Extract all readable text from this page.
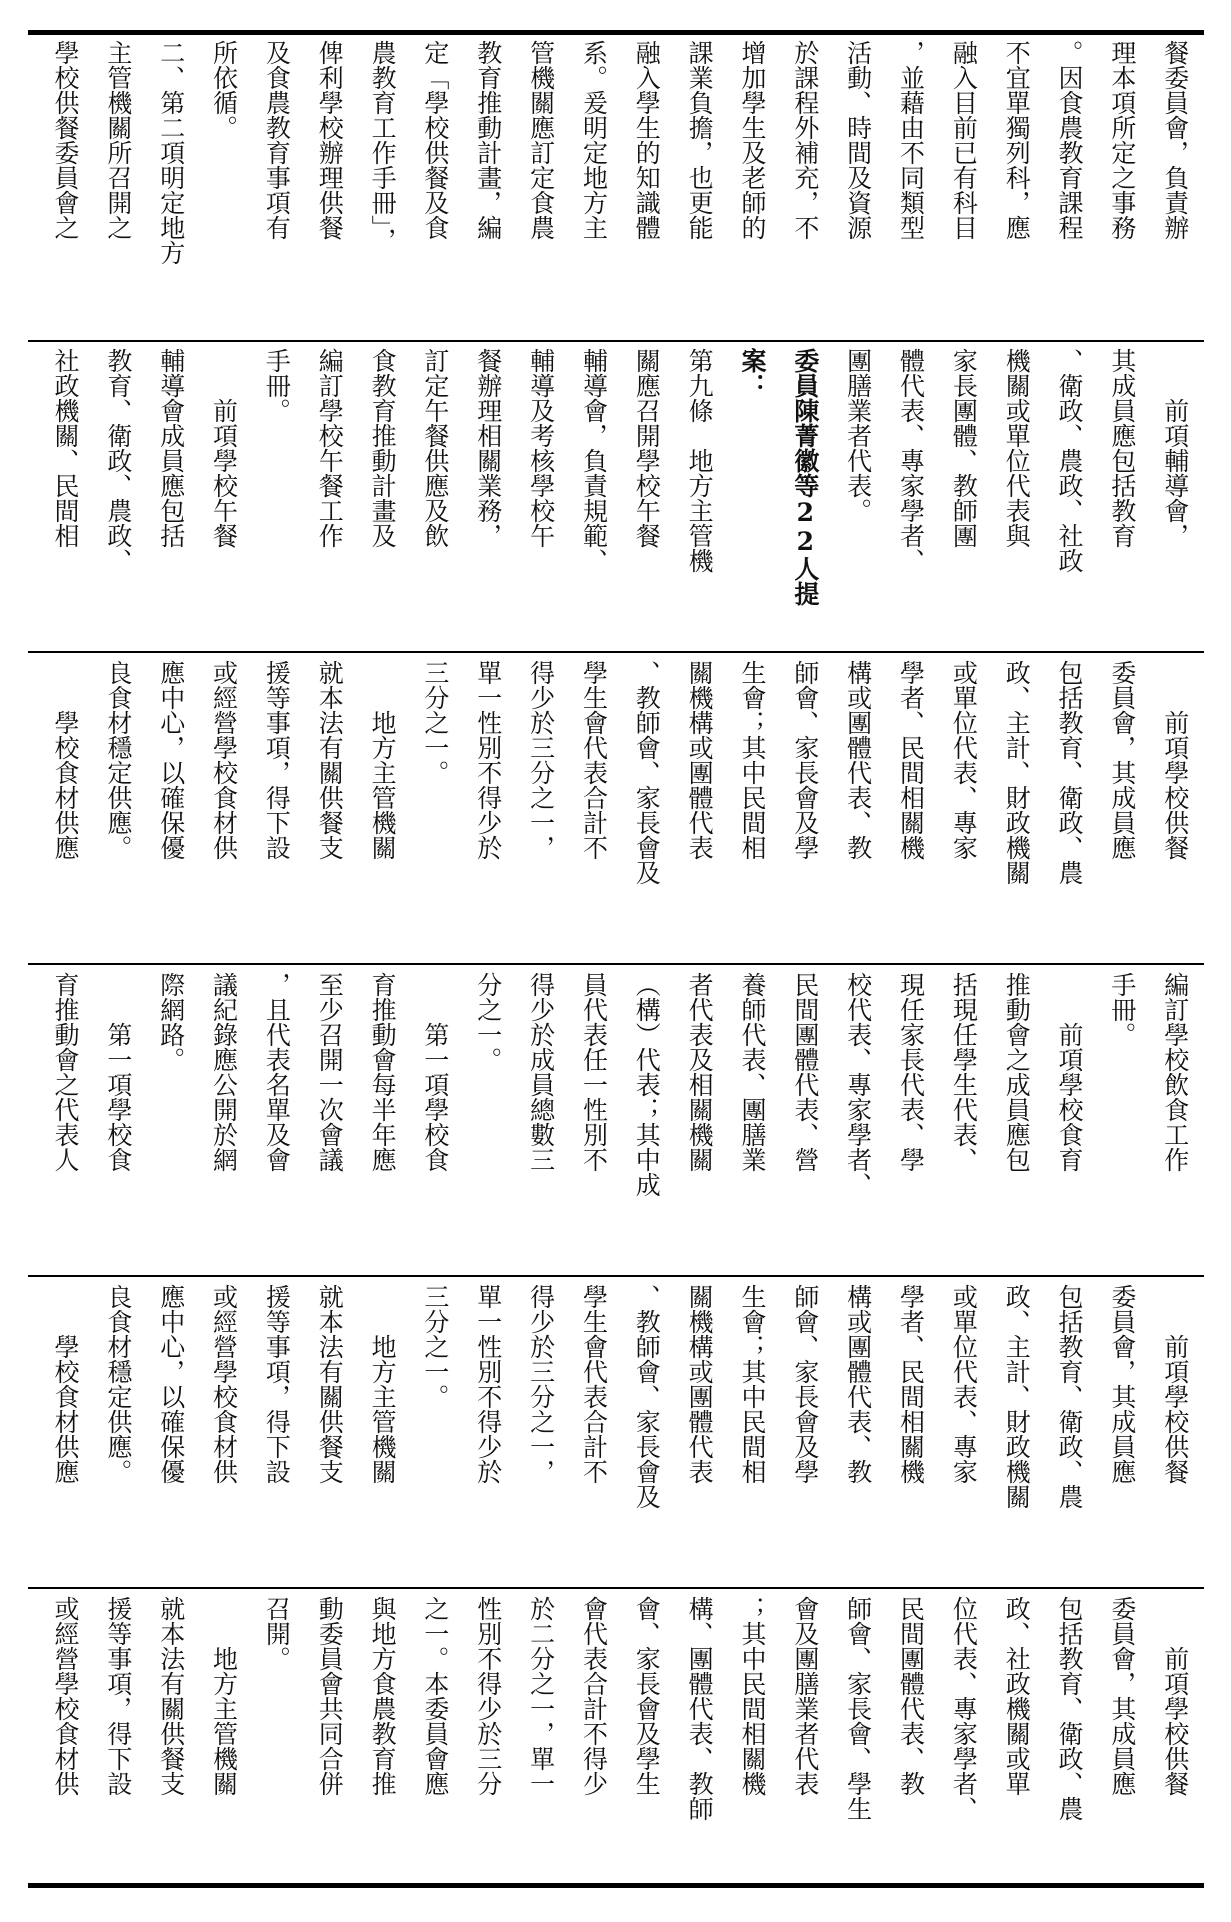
餐委員會，負責辦
理本項所定之事務
。因食農教育課程
不宜單獨列科，應
融入目前已有科目
，並藉由不同類型
活動、時間及資源
於課程外補充，不
增加學生及老師的
課業負擔，也更能
融入學生的知識體
系。爰明定地方主
管機關應訂定食農
教育推動計畫，編
定「學校供餐及食
農教育工作手冊」，
俾利學校辦理供餐
及食農教育事項有
所依循。
二、第二項明定地方
主管機關所召開之
學校供餐委員會之
　　前項輔導會，
其成員應包括教育
、衛政、農政、社政
機關或單位代表與
家長團體、教師團
體代表、專家學者、
團膳業者代表。
委員陳菁徽等22人提
案：
第九條　地方主管機
關應召開學校午餐
輔導會，負責規範、
輔導及考核學校午
餐辦理相關業務，
訂定午餐供應及飲
食教育推動計畫及
編訂學校午餐工作
手冊。
　　前項學校午餐
輔導會成員應包括
教育、衛政、農政、
社政機關、民間相
　　前項學校供餐
委員會，其成員應
包括教育、衛政、農
政、主計、財政機關
或單位代表、專家
學者、民間相關機
構或團體代表、教
師會、家長會及學
生會；其中民間相
關機構或團體代表
、教師會、家長會及
學生會代表合計不
得少於三分之一，
單一性別不得少於
三分之一。
　　地方主管機關
就本法有關供餐支
援等事項，得下設
或經營學校食材供
應中心，以確保優
良食材穩定供應。
　　學校食材供應
編訂學校飲食工作
手冊。
　　前項學校食育
推動會之成員應包
括現任學生代表、
現任家長代表、學
校代表、專家學者、
民間團體代表、營
養師代表、團膳業
者代表及相關機關
（構）代表；其中成
員代表任一性別不
得少於成員總數三
分之一。
　　第一項學校食
育推動會每半年應
至少召開一次會議
，且代表名單及會
議紀錄應公開於網
際網路。
　　第一項學校食
育推動會之代表人
　　前項學校供餐
委員會，其成員應
包括教育、衛政、農
政、主計、財政機關
或單位代表、專家
學者、民間相關機
構或團體代表、教
師會、家長會及學
生會；其中民間相
關機構或團體代表
、教師會、家長會及
學生會代表合計不
得少於三分之一，
單一性別不得少於
三分之一。
　　地方主管機關
就本法有關供餐支
援等事項，得下設
或經營學校食材供
應中心，以確保優
良食材穩定供應。
　　學校食材供應
　　前項學校供餐
委員會，其成員應
包括教育、衛政、農
政、社政機關或單
位代表、專家學者、
民間團體代表、教
師會、家長會、學生
會及團膳業者代表
；其中民間相關機
構、團體代表、教師
會、家長會及學生
會代表合計不得少
於二分之一，單一
性別不得少於三分
之一。本委員會應
與地方食農教育推
動委員會共同合併
召開。
　　地方主管機關
就本法有關供餐支
援等事項，得下設
或經營學校食材供
